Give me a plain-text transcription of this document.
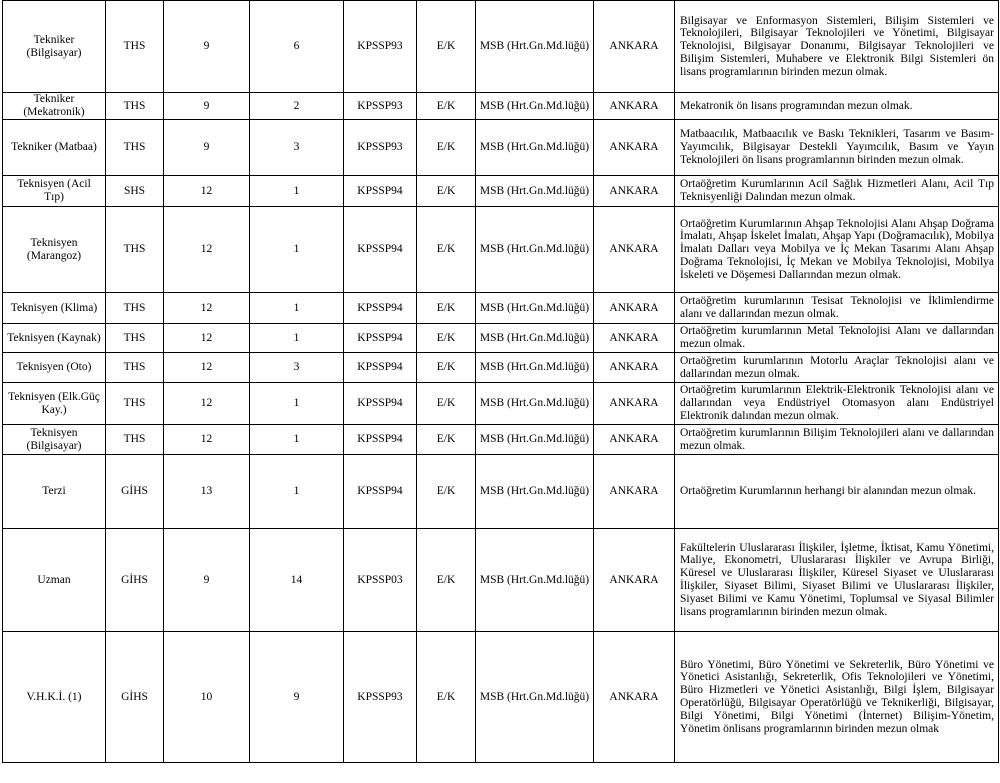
Tekniker (Bilgisayar)	THS	9	6	KPSSP93	E/K	MSB (Hrt.Gn.Md.lüğü)	ANKARA	Bilgisayar ve Enformasyon Sistemleri, Bilişim Sistemleri ve Teknolojileri, Bilgisayar Teknolojileri ve Yönetimi, Bilgisayar Teknolojisi, Bilgisayar Donanımı, Bilgisayar Teknolojileri ve Bilişim Sistemleri, Muhabere ve Elektronik Bilgi Sistemleri ön lisans programlarının birinden mezun olmak.
Tekniker (Mekatronik)	THS	9	2	KPSSP93	E/K	MSB (Hrt.Gn.Md.lüğü)	ANKARA	Mekatronik ön lisans programından mezun olmak.
Tekniker (Matbaa)	THS	9	3	KPSSP93	E/K	MSB (Hrt.Gn.Md.lüğü)	ANKARA	Matbaacılık, Matbaacılık ve Baskı Teknikleri, Tasarım ve Basım-Yayımcılık, Bilgisayar Destekli Yayımcılık, Basım ve Yayın Teknolojileri ön lisans programlarının birinden mezun olmak.
Teknisyen (Acil Tıp)	SHS	12	1	KPSSP94	E/K	MSB (Hrt.Gn.Md.lüğü)	ANKARA	Ortaöğretim Kurumlarının Acil Sağlık Hizmetleri Alanı, Acil Tıp Teknisyenliği Dalından mezun olmak.
Teknisyen (Marangoz)	THS	12	1	KPSSP94	E/K	MSB (Hrt.Gn.Md.lüğü)	ANKARA	Ortaöğretim Kurumlarının Ahşap Teknolojisi Alanı Ahşap Doğrama İmalatı, Ahşap İskelet İmalatı, Ahşap Yapı (Doğramacılık), Mobilya İmalatı Dalları veya Mobilya ve İç Mekan Tasarımı Alanı Ahşap Doğrama Teknolojisi, İç Mekan ve Mobilya Teknolojisi, Mobilya İskeleti ve Döşemesi Dallarından mezun olmak.
Teknisyen (Klima)	THS	12	1	KPSSP94	E/K	MSB (Hrt.Gn.Md.lüğü)	ANKARA	Ortaöğretim kurumlarının Tesisat Teknolojisi ve İklimlendirme alanı ve dallarından mezun olmak.
Teknisyen (Kaynak)	THS	12	1	KPSSP94	E/K	MSB (Hrt.Gn.Md.lüğü)	ANKARA	Ortaöğretim kurumlarının Metal Teknolojisi Alanı ve dallarından mezun olmak.
Teknisyen (Oto)	THS	12	3	KPSSP94	E/K	MSB (Hrt.Gn.Md.lüğü)	ANKARA	Ortaöğretim kurumlarının Motorlu Araçlar Teknolojisi alanı ve dallarından mezun olmak.
Teknisyen (Elk.Güç Kay.)	THS	12	1	KPSSP94	E/K	MSB (Hrt.Gn.Md.lüğü)	ANKARA	Ortaöğretim kurumlarının Elektrik-Elektronik Teknolojisi alanı ve dallarından veya Endüstriyel Otomasyon alanı Endüstriyel Elektronik dalından mezun olmak.
Teknisyen (Bilgisayar)	THS	12	1	KPSSP94	E/K	MSB (Hrt.Gn.Md.lüğü)	ANKARA	Ortaöğretim kurumlarının Bilişim Teknolojileri alanı ve dallarından mezun olmak.
Terzi	GİHS	13	1	KPSSP94	E/K	MSB (Hrt.Gn.Md.lüğü)	ANKARA	Ortaöğretim Kurumlarının herhangi bir alanından mezun olmak.
Uzman	GİHS	9	14	KPSSP03	E/K	MSB (Hrt.Gn.Md.lüğü)	ANKARA	Fakültelerin Uluslararası İlişkiler, İşletme, İktisat, Kamu Yönetimi, Maliye, Ekonometri, Uluslararası İlişkiler ve Avrupa Birliği, Küresel ve Uluslararası İlişkiler, Küresel Siyaset ve Uluslararası İlişkiler, Siyaset Bilimi, Siyaset Bilimi ve Uluslararası İlişkiler, Siyaset Bilimi ve Kamu Yönetimi, Toplumsal ve Siyasal Bilimler lisans programlarının birinden mezun olmak.
V.H.K.İ. (1)	GİHS	10	9	KPSSP93	E/K	MSB (Hrt.Gn.Md.lüğü)	ANKARA	Büro Yönetimi, Büro Yönetimi ve Sekreterlik, Büro Yönetimi ve Yönetici Asistanlığı, Sekreterlik, Ofis Teknolojileri ve Yönetimi, Büro Hizmetleri ve Yönetici Asistanlığı, Bilgi İşlem, Bilgisayar Operatörlüğü, Bilgisayar Operatörlüğü ve Teknikerliği, Bilgisayar, Bilgi Yönetimi, Bilgi Yönetimi (İnternet) Bilişim-Yönetim, Yönetim önlisans programlarının birinden mezun olmak
